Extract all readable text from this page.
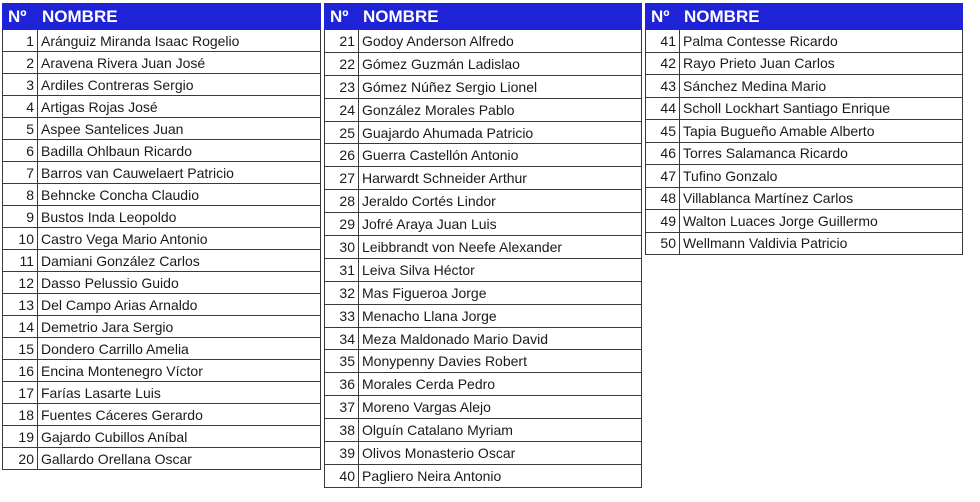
Nº	NOMBRE
1	Aránguiz Miranda Isaac Rogelio
2	Aravena Rivera Juan José
3	Ardiles Contreras Sergio
4	Artigas Rojas José
5	Aspee Santelices Juan
6	Badilla Ohlbaun Ricardo
7	Barros van Cauwelaert Patricio
8	Behncke Concha Claudio
9	Bustos Inda Leopoldo
10	Castro Vega Mario Antonio
11	Damiani González Carlos
12	Dasso Pelussio Guido
13	Del Campo Arias Arnaldo
14	Demetrio Jara Sergio
15	Dondero Carrillo Amelia
16	Encina Montenegro Víctor
17	Farías Lasarte Luis
18	Fuentes Cáceres Gerardo
19	Gajardo Cubillos Aníbal
20	Gallardo Orellana Oscar
Nº	NOMBRE
21	Godoy Anderson Alfredo
22	Gómez Guzmán Ladislao
23	Gómez Núñez Sergio Lionel
24	González Morales Pablo
25	Guajardo Ahumada Patricio
26	Guerra Castellón Antonio
27	Harwardt Schneider Arthur
28	Jeraldo Cortés Lindor
29	Jofré Araya Juan Luis
30	Leibbrandt von Neefe Alexander
31	Leiva Silva Héctor
32	Mas Figueroa Jorge
33	Menacho Llana Jorge
34	Meza Maldonado Mario David
35	Monypenny Davies Robert
36	Morales Cerda Pedro
37	Moreno Vargas Alejo
38	Olguín Catalano Myriam
39	Olivos Monasterio Oscar
40	Pagliero Neira Antonio
Nº	NOMBRE
41	Palma Contesse Ricardo
42	Rayo Prieto Juan Carlos
43	Sánchez Medina Mario
44	Scholl Lockhart Santiago Enrique
45	Tapia Bugueño Amable Alberto
46	Torres Salamanca Ricardo
47	Tufino Gonzalo
48	Villablanca Martínez Carlos
49	Walton Luaces Jorge Guillermo
50	Wellmann Valdivia Patricio
